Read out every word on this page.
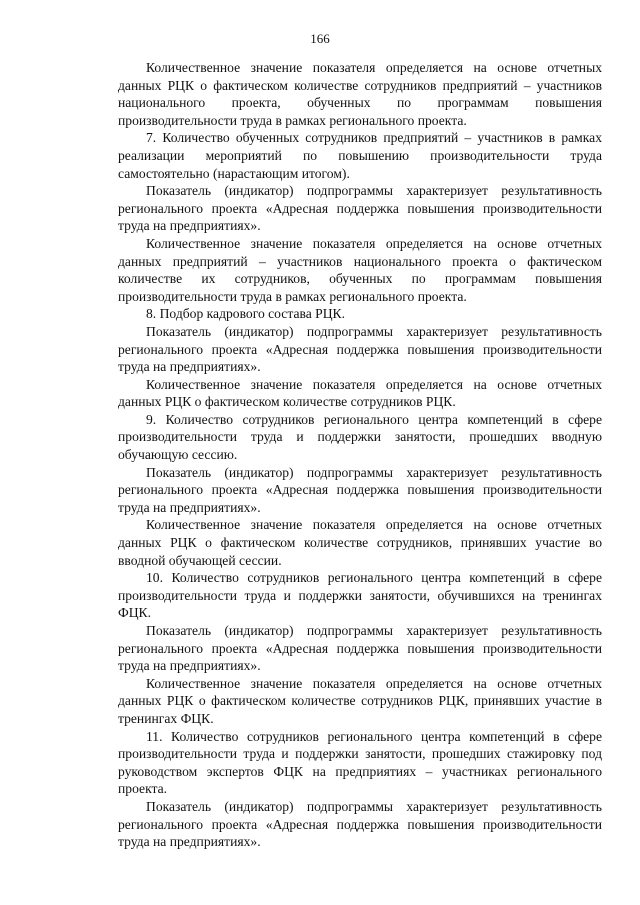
166

Количественное значение показателя определяется на основе отчетных данных РЦК о фактическом количестве сотрудников предприятий – участников национального проекта, обученных по программам повышения производительности труда в рамках регионального проекта.

7. Количество обученных сотрудников предприятий – участников в рамках реализации мероприятий по повышению производительности труда самостоятельно (нарастающим итогом).

Показатель (индикатор) подпрограммы характеризует результативность регионального проекта «Адресная поддержка повышения производительности труда на предприятиях».

Количественное значение показателя определяется на основе отчетных данных предприятий – участников национального проекта о фактическом количестве их сотрудников, обученных по программам повышения производительности труда в рамках регионального проекта.

8. Подбор кадрового состава РЦК.

Показатель (индикатор) подпрограммы характеризует результативность регионального проекта «Адресная поддержка повышения производительности труда на предприятиях».

Количественное значение показателя определяется на основе отчетных данных РЦК о фактическом количестве сотрудников РЦК.

9. Количество сотрудников регионального центра компетенций в сфере производительности труда и поддержки занятости, прошедших вводную обучающую сессию.

Показатель (индикатор) подпрограммы характеризует результативность регионального проекта «Адресная поддержка повышения производительности труда на предприятиях».

Количественное значение показателя определяется на основе отчетных данных РЦК о фактическом количестве сотрудников, принявших участие во вводной обучающей сессии.

10. Количество сотрудников регионального центра компетенций в сфере производительности труда и поддержки занятости, обучившихся на тренингах ФЦК.

Показатель (индикатор) подпрограммы характеризует результативность регионального проекта «Адресная поддержка повышения производительности труда на предприятиях».

Количественное значение показателя определяется на основе отчетных данных РЦК о фактическом количестве сотрудников РЦК, принявших участие в тренингах ФЦК.

11. Количество сотрудников регионального центра компетенций в сфере производительности труда и поддержки занятости, прошедших стажировку под руководством экспертов ФЦК на предприятиях – участниках регионального проекта.

Показатель (индикатор) подпрограммы характеризует результативность регионального проекта «Адресная поддержка повышения производительности труда на предприятиях».
